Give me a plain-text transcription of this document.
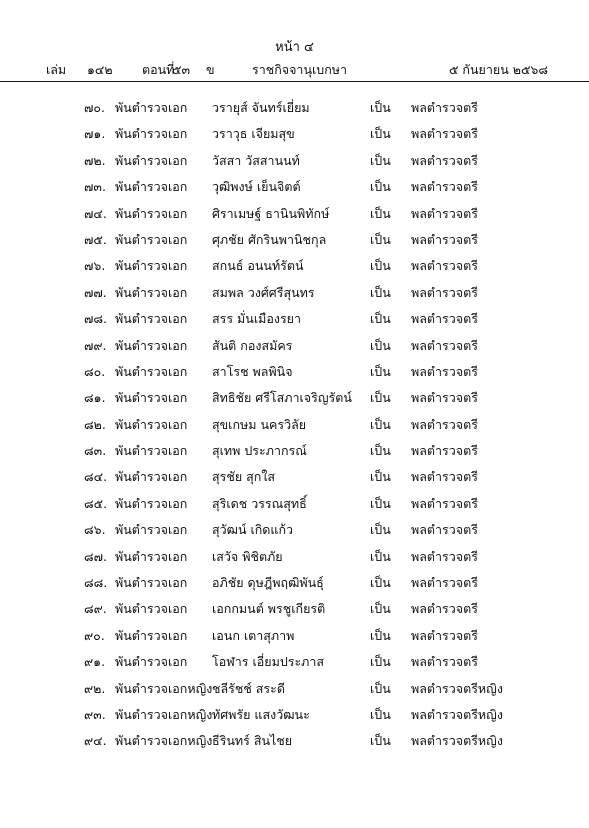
หน้า ๔
เล่ม ๑๔๒ ตอนที่
๕๓ ข	ราชกิจจานุเบกษา	๕ กันยายน ๒๕๖๘
๗๐. พันตำรวจเอก วรายุส์ จันทร์เยี่ยม	เป็น พลตำรวจตรี
๗๑. พันตำรวจเอก วราวุธ เจียมสุข	เป็น พลตำรวจตรี
๗๒. พันตำรวจเอก วัสสา วัสสานนท์	เป็น พลตำรวจตรี
๗๓. พันตำรวจเอก วุฒิพงษ์ เย็นจิตต์	เป็น พลตำรวจตรี
๗๔. พันตำรวจเอก ศิราเมษฐ์ ธานินพิทักษ์	เป็น พลตำรวจตรี
๗๕. พันตำรวจเอก ศุภชัย ศักรินพานิชกุล	เป็น พลตำรวจตรี
๗๖. พันตำรวจเอก สกนธ์ อนนท์รัตน์	เป็น พลตำรวจตรี
๗๗. พันตำรวจเอก สมพล วงศ์ศรีสุนทร	เป็น พลตำรวจตรี
๗๘. พันตำรวจเอก สรร มั่นเมืองรยา	เป็น พลตำรวจตรี
๗๙. พันตำรวจเอก สันติ กองสมัคร	เป็น พลตำรวจตรี
๘๐. พันตำรวจเอก สาโรช พลพินิจ	เป็น พลตำรวจตรี
๘๑. พันตำรวจเอก สิทธิชัย ศรีโสภาเจริญรัตน์ เป็น พลตำรวจตรี
๘๒. พันตำรวจเอก สุขเกษม นครวิลัย	เป็น พลตำรวจตรี
๘๓. พันตำรวจเอก สุเทพ ประภากรณ์	เป็น พลตำรวจตรี
๘๔. พันตำรวจเอก สุรชัย สุกใส	เป็น พลตำรวจตรี
๘๕. พันตำรวจเอก สุริเดช วรรณสุทธิ์	เป็น พลตำรวจตรี
๘๖. พันตำรวจเอก สุวัฒน์ เกิดแก้ว	เป็น พลตำรวจตรี
๘๗. พันตำรวจเอก เสวัจ พิชิตภัย	เป็น พลตำรวจตรี
๘๘. พันตำรวจเอก อภิชัย ดุษฎีพฤฒิพันธุ์	เป็น พลตำรวจตรี
๘๙. พันตำรวจเอก เอกกมนต์ พรชูเกียรติ	เป็น พลตำรวจตรี
๙๐. พันตำรวจเอก เอนก เตาสุภาพ	เป็น พลตำรวจตรี
๙๑. พันตำรวจเอก โอฬาร เอี่ยมประภาส	เป็น พลตำรวจตรี
๙๒. พันตำรวจเอกหญิง ชลีรัชช์ สระดี	เป็น พลตำรวจตรีหญิง
๙๓. พันตำรวจเอกหญิง ทัศพรัย แสงวัฒนะ	เป็น พลตำรวจตรีหญิง
๙๔. พันตำรวจเอกหญิง ธีรินทร์ สินไชย	เป็น พลตำรวจตรีหญิง
